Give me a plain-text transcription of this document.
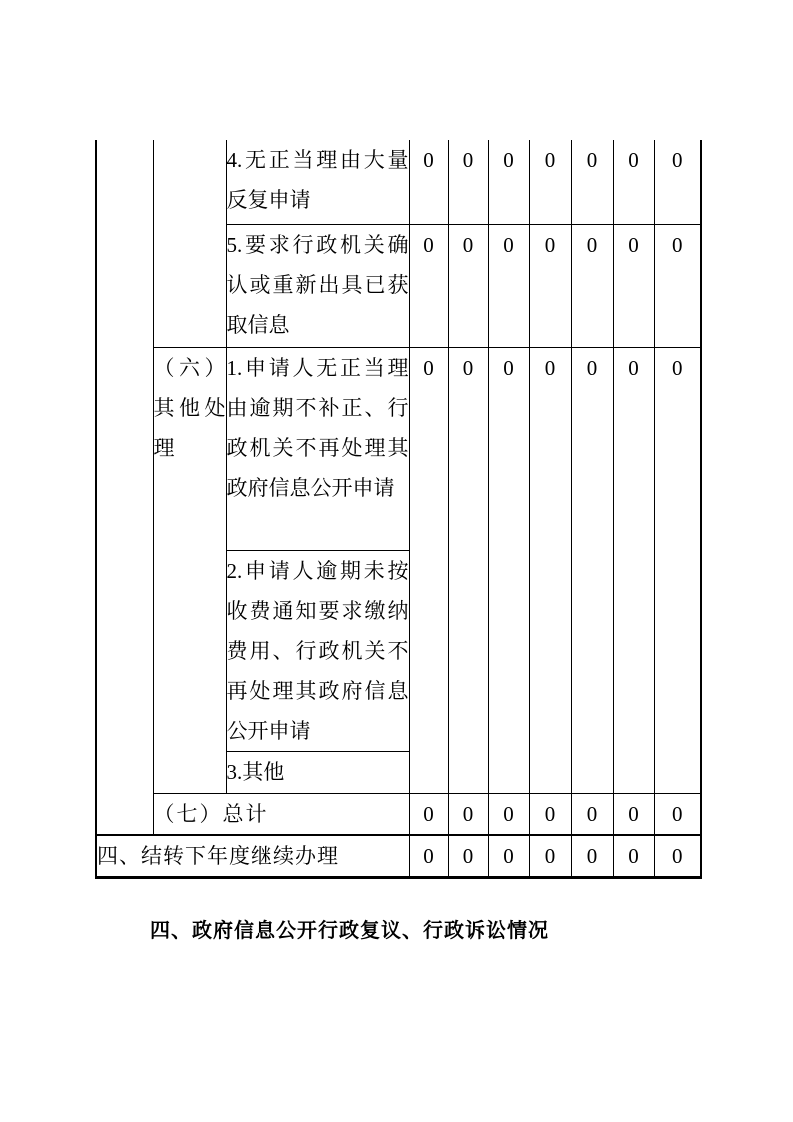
		4.无正当理由大量反复申请	0	0	0	0	0	0	0
		5.要求行政机关确认或重新出具已获取信息	0	0	0	0	0	0	0
	（六）其他处理	1.申请人无正当理由逾期不补正、行政机关不再处理其政府信息公开申请	0	0	0	0	0	0	0
		2.申请人逾期未按收费通知要求缴纳费用、行政机关不再处理其政府信息公开申请							
		3.其他							
	（七）总计		0	0	0	0	0	0	0
四、结转下年度继续办理			0	0	0	0	0	0	0
四、政府信息公开行政复议、行政诉讼情况
